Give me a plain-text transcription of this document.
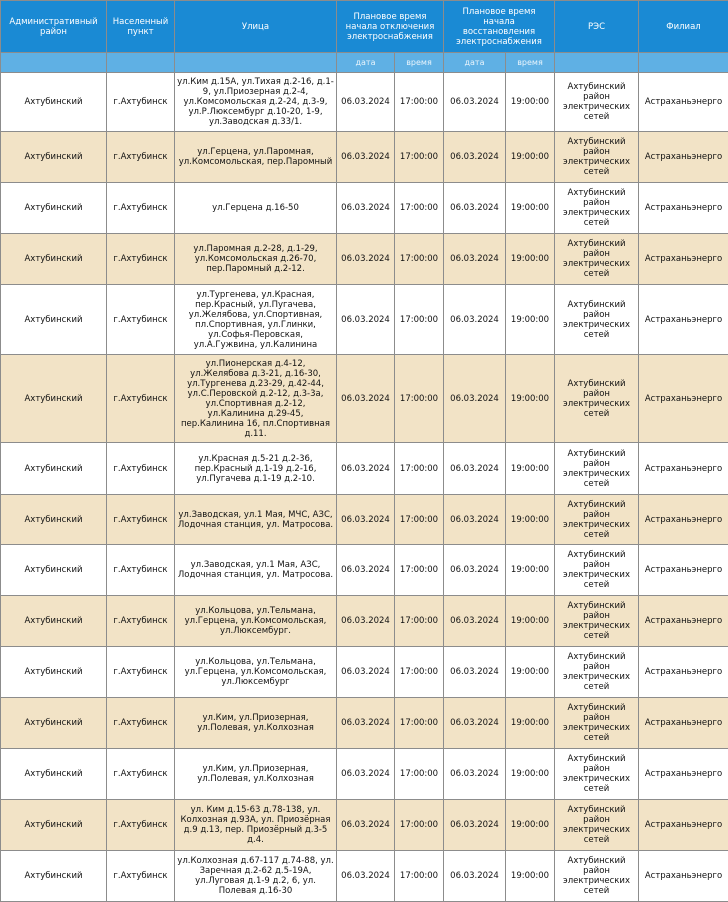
Административный район	Населенный пункт	Улица	Плановое время начала отключения электроснабжения		Плановое время начала восстановления электроснабжения		РЭС	Филиал
			дата	время	дата	время		
Ахтубинский	г.Ахтубинск	ул.Ким д.15А, ул.Тихая д.2-16, д.1-9, ул.Приозерная д.2-4, ул.Комсомольская д.2-24, д.3-9, ул.Р.Люксембург д.10-20, 1-9, ул.Заводская д.33/1.	06.03.2024	17:00:00	06.03.2024	19:00:00	Ахтубинский район электрических сетей	Астраханьэнерго
Ахтубинский	г.Ахтубинск	ул.Герцена, ул.Паромная, ул.Комсомольская, пер.Паромный	06.03.2024	17:00:00	06.03.2024	19:00:00	Ахтубинский район электрических сетей	Астраханьэнерго
Ахтубинский	г.Ахтубинск	ул.Герцена д.16-50	06.03.2024	17:00:00	06.03.2024	19:00:00	Ахтубинский район электрических сетей	Астраханьэнерго
Ахтубинский	г.Ахтубинск	ул.Паромная д.2-28, д.1-29, ул.Комсомольская д.26-70, пер.Паромный д.2-12.	06.03.2024	17:00:00	06.03.2024	19:00:00	Ахтубинский район электрических сетей	Астраханьэнерго
Ахтубинский	г.Ахтубинск	ул.Тургенева, ул.Красная, пер.Красный, ул.Пугачева, ул.Желябова, ул.Спортивная, пл.Спортивная, ул.Глинки, ул.Софья-Перовская, ул.А.Гужвина, ул.Калинина	06.03.2024	17:00:00	06.03.2024	19:00:00	Ахтубинский район электрических сетей	Астраханьэнерго
Ахтубинский	г.Ахтубинск	ул.Пионерская д.4-12, ул.Желябова д.3-21, д.16-30, ул.Тургенева д.23-29, д.42-44, ул.С.Перовской д.2-12, д.3-3а, ул.Спортивная д.2-12, ул.Калинина д.29-45, пер.Калинина 16, пл.Спортивная д.11.	06.03.2024	17:00:00	06.03.2024	19:00:00	Ахтубинский район электрических сетей	Астраханьэнерго
Ахтубинский	г.Ахтубинск	ул.Красная д.5-21 д.2-36, пер.Красный д.1-19 д.2-16, ул.Пугачева д.1-19 д.2-10.	06.03.2024	17:00:00	06.03.2024	19:00:00	Ахтубинский район электрических сетей	Астраханьэнерго
Ахтубинский	г.Ахтубинск	ул.Заводская, ул.1 Мая, МЧС, АЗС, Лодочная станция, ул. Матросова.	06.03.2024	17:00:00	06.03.2024	19:00:00	Ахтубинский район электрических сетей	Астраханьэнерго
Ахтубинский	г.Ахтубинск	ул.Заводская, ул.1 Мая, АЗС, Лодочная станция, ул. Матросова.	06.03.2024	17:00:00	06.03.2024	19:00:00	Ахтубинский район электрических сетей	Астраханьэнерго
Ахтубинский	г.Ахтубинск	ул.Кольцова, ул.Тельмана, ул.Герцена, ул.Комсомольская, ул.Люксембург.	06.03.2024	17:00:00	06.03.2024	19:00:00	Ахтубинский район электрических сетей	Астраханьэнерго
Ахтубинский	г.Ахтубинск	ул.Кольцова, ул.Тельмана, ул.Герцена, ул.Комсомольская, ул.Люксембург	06.03.2024	17:00:00	06.03.2024	19:00:00	Ахтубинский район электрических сетей	Астраханьэнерго
Ахтубинский	г.Ахтубинск	ул.Ким, ул.Приозерная, ул.Полевая, ул.Колхозная	06.03.2024	17:00:00	06.03.2024	19:00:00	Ахтубинский район электрических сетей	Астраханьэнерго
Ахтубинский	г.Ахтубинск	ул.Ким, ул.Приозерная, ул.Полевая, ул.Колхозная	06.03.2024	17:00:00	06.03.2024	19:00:00	Ахтубинский район электрических сетей	Астраханьэнерго
Ахтубинский	г.Ахтубинск	ул. Ким д.15-63 д.78-138, ул. Колхозная д.93А, ул. Приозёрная д.9 д.13, пер. Приозёрный д.3-5 д.4.	06.03.2024	17:00:00	06.03.2024	19:00:00	Ахтубинский район электрических сетей	Астраханьэнерго
Ахтубинский	г.Ахтубинск	ул.Колхозная д.67-117 д.74-88, ул. Заречная д.2-62 д.5-19А, ул.Луговая д.1-9 д.2, 6, ул. Полевая д.16-30	06.03.2024	17:00:00	06.03.2024	19:00:00	Ахтубинский район электрических сетей	Астраханьэнерго
